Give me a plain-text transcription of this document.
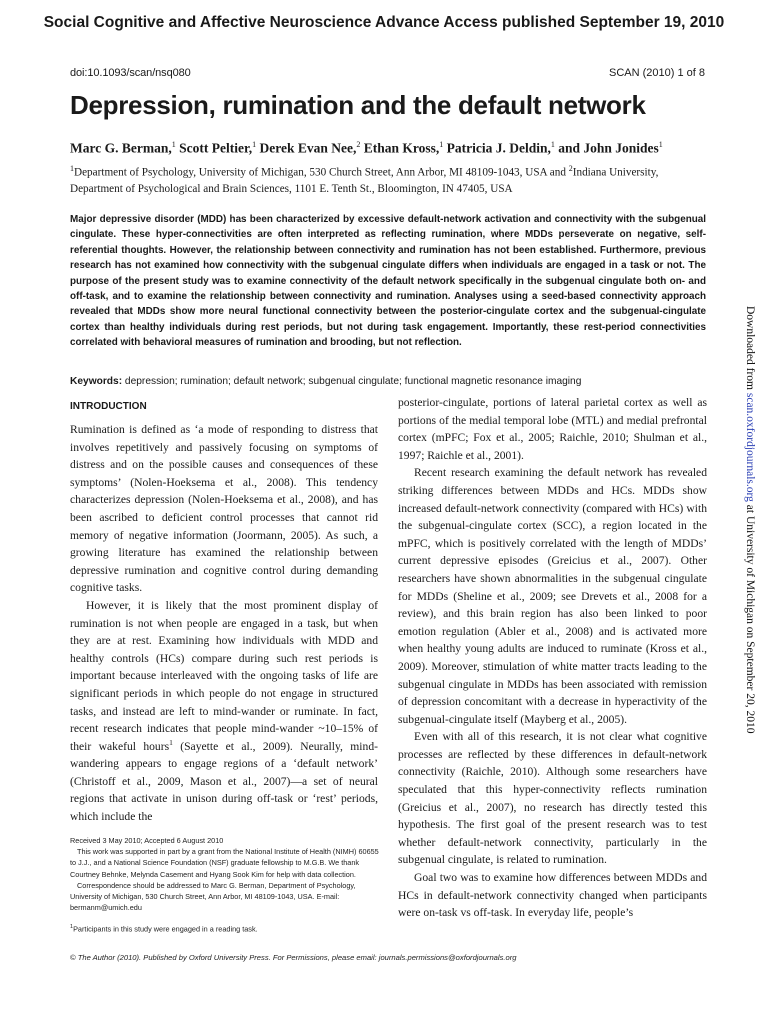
Social Cognitive and Affective Neuroscience Advance Access published September 19, 2010
doi:10.1093/scan/nsq080	SCAN (2010) 1 of 8
Depression, rumination and the default network
Marc G. Berman,$^1$ Scott Peltier,$^1$ Derek Evan Nee,$^2$ Ethan Kross,$^1$ Patricia J. Deldin,$^1$ and John Jonides$^1$
$^1$Department of Psychology, University of Michigan, 530 Church Street, Ann Arbor, MI 48109-1043, USA and $^2$Indiana University,
Department of Psychological and Brain Sciences, 1101 E. Tenth St., Bloomington, IN 47405, USA
Major depressive disorder (MDD) has been characterized by excessive default-network activation and connectivity with the subgenual cingulate. These hyper-connectivities are often interpreted as reflecting rumination, where MDDs perseverate on negative, self-referential thoughts. However, the relationship between connectivity and rumination has not been established. Furthermore, previous research has not examined how connectivity with the subgenual cingulate differs when individuals are engaged in a task or not. The purpose of the present study was to examine connectivity of the default network specifically in the subgenual cingulate both on- and off-task, and to examine the relationship between connectivity and rumination. Analyses using a seed-based connectivity approach revealed that MDDs show more neural functional connectivity between the posterior-cingulate cortex and the subgenual-cingulate cortex than healthy individuals during rest periods, but not during task engagement. Importantly, these rest-period connectivities correlated with behavioral measures of rumination and brooding, but not reflection.
Keywords: depression; rumination; default network; subgenual cingulate; functional magnetic resonance imaging
INTRODUCTION

Rumination is defined as ‘a mode of responding to distress that involves repetitively and passively focusing on symptoms of distress and on the possible causes and consequences of these symptoms’ (Nolen-Hoeksema et al., 2008). This tendency characterizes depression (Nolen-Hoeksema et al., 2008), and has been ascribed to deficient control processes that cannot rid memory of negative information (Joormann, 2005). As such, a growing literature has examined the relationship between depressive rumination and cognitive control during demanding cognitive tasks.

However, it is likely that the most prominent display of rumination is not when people are engaged in a task, but when they are at rest. Examining how individuals with MDD and healthy controls (HCs) compare during such rest periods is important because interleaved with the ongoing tasks of life are significant periods in which people do not engage in structured tasks, and instead are left to mind-wander or ruminate. In fact, recent research indicates that people mind-wander ~10–15% of their wakeful hours$^1$ (Sayette et al., 2009). Neurally, mind-wandering appears to engage regions of a ‘default network’ (Christoff et al., 2009, Mason et al., 2007)—a set of neural regions that activate in unison during off-task or ‘rest’ periods, which include the

posterior-cingulate, portions of lateral parietal cortex as well as portions of the medial temporal lobe (MTL) and medial prefrontal cortex (mPFC; Fox et al., 2005; Raichle, 2010; Shulman et al., 1997; Raichle et al., 2001).

Recent research examining the default network has revealed striking differences between MDDs and HCs. MDDs show increased default-network connectivity (compared with HCs) with the subgenual-cingulate cortex (SCC), a region located in the mPFC, which is positively correlated with the length of MDDs’ current depressive episodes (Greicius et al., 2007). Other researchers have shown abnormalities in the subgenual cingulate for MDDs (Sheline et al., 2009; see Drevets et al., 2008 for a review), and this brain region has also been linked to poor emotion regulation (Abler et al., 2008) and is activated more when healthy young adults are induced to ruminate (Kross et al., 2009). Moreover, stimulation of white matter tracts leading to the subgenual cingulate in MDDs has been associated with remission of depression concomitant with a decrease in hyperactivity of the subgenual-cingulate itself (Mayberg et al., 2005).

Even with all of this research, it is not clear what cognitive processes are reflected by these differences in default-network connectivity (Raichle, 2010). Although some researchers have speculated that this hyper-connectivity reflects rumination (Greicius et al., 2007), no research has directly tested this hypothesis. The first goal of the present research was to test whether default-network connectivity, particularly in the subgenual cingulate, is related to rumination.

Goal two was to examine how differences between MDDs and HCs in default-network connectivity changed when participants were on-task vs off-task. In everyday life, people’s

Received 3 May 2010; Accepted 6 August 2010

This work was supported in part by a grant from the National Institute of Health (NIMH) 60655 to J.J., and a National Science Foundation (NSF) graduate fellowship to M.G.B. We thank Courtney Behnke, Melynda Casement and Hyang Sook Kim for help with data collection.

Correspondence should be addressed to Marc G. Berman, Department of Psychology, University of Michigan, 530 Church Street, Ann Arbor, MI 48109-1043, USA. E-mail: bermanm@umich.edu

$^1$Participants in this study were engaged in a reading task.
© The Author (2010). Published by Oxford University Press. For Permissions, please email: journals.permissions@oxfordjournals.org
Downloaded from scan.oxfordjournals.org at University of Michigan on September 20, 2010
